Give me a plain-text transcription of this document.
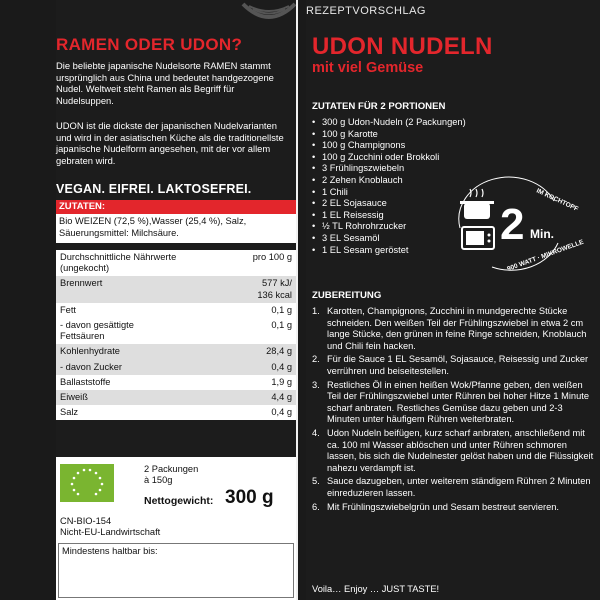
RAMEN ODER UDON?
Die beliebte japanische Nudelsorte RAMEN stammt ursprünglich aus China und bedeutet handgezogene Nudel. Weltweit steht Ramen als Begriff für Nudelsuppen.
UDON ist die dickste der japanischen Nudelvarianten und wird in der asiatischen Küche als die traditionellste japanische Nudelform angesehen, mit der vor allem gebraten wird.
VEGAN. EIFREI. LAKTOSEFREI.
ZUTATEN:
Bio WEIZEN (72,5 %),Wasser (25,4 %), Salz, Säuerungsmittel: Milchsäure.
Durchschnittliche Nährwerte
(ungekocht)
pro 100 g
Brennwert	577 kJ/
136 kcal
Fett	0,1 g
- davon gesättigte
Fettsäuren
0,1 g
Kohlenhydrate	28,4 g
- davon Zucker	0,4 g
Ballaststoffe	1,9 g
Eiweiß	4,4 g
Salz	0,4 g
2 Packungen
à 150g
Nettogewicht: 300 g
CN-BIO-154
Nicht-EU-Landwirtschaft
Mindestens haltbar bis:
REZEPTVORSCHLAG
UDON NUDELN
mit viel Gemüse
ZUTATEN FÜR 2 PORTIONEN
• 300 g Udon-Nudeln (2 Packungen)
• 100 g Karotte
• 100 g Champignons
• 100 g Zucchini oder Brokkoli
• 3 Frühlingszwiebeln
• 2 Zehen Knoblauch
• 1 Chili
• 2 EL Sojasauce
• 1 EL Reisessig
• ½ TL Rohrohrzucker
• 3 EL Sesamöl
• 1 EL Sesam geröstet
IM KOCHTOPF
2 Min.
900 WATT · MIKROWELLE
ZUBEREITUNG
1. Karotten, Champignons, Zucchini in mundgerechte Stücke schneiden. Den weißen Teil der Frühlingszwiebel in etwa 2 cm lange Stücke, den grünen in feine Ringe schneiden, Knoblauch und Chili fein hacken.
2. Für die Sauce 1 EL Sesamöl, Sojasauce, Reisessig und Zucker verrühren und beiseitestellen.
3. Restliches Öl in einen heißen Wok/Pfanne geben, den weißen Teil der Frühlingszwiebel unter Rühren bei hoher Hitze 1 Minute scharf anbraten. Restliches Gemüse dazu geben und 2-3 Minuten unter häufigem Rühren weiterbraten.
4. Udon Nudeln beifügen, kurz scharf anbraten, anschließend mit ca. 100 ml Wasser ablöschen und unter Rühren schmoren lassen, bis sich die Nudelnester gelöst haben und die Flüssigkeit nahezu verdampft ist.
5. Sauce dazugeben, unter weiterem ständigem Rühren 2 Minuten einreduzieren lassen.
6. Mit Frühlingszwiebelgrün und Sesam bestreut servieren.
Voila… Enjoy … JUST TASTE!
